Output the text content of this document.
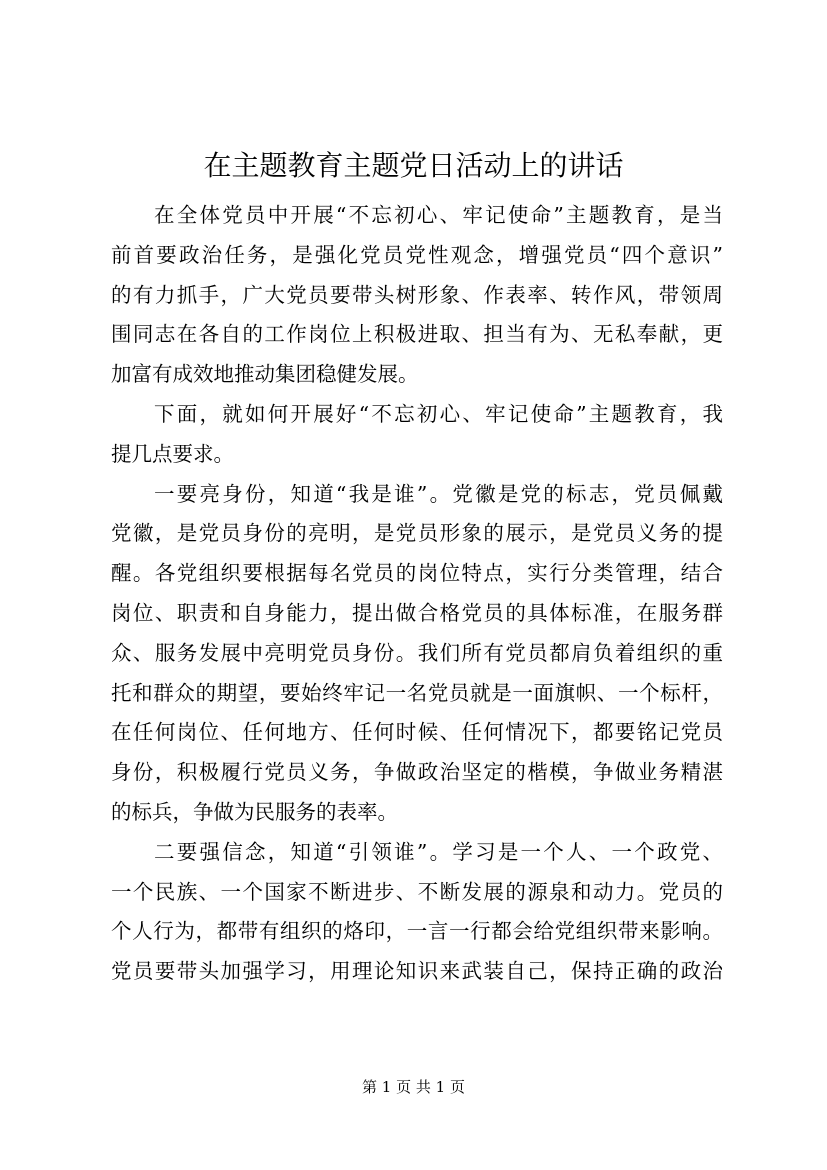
在主题教育主题党日活动上的讲话
在全体党员中开展“不忘初心、牢记使命”主题教育，是当
前首要政治任务，是强化党员党性观念，增强党员“四个意识”
的有力抓手，广大党员要带头树形象、作表率、转作风，带领周
围同志在各自的工作岗位上积极进取、担当有为、无私奉献，更
加富有成效地推动集团稳健发展。
下面，就如何开展好“不忘初心、牢记使命”主题教育，我
提几点要求。
一要亮身份，知道“我是谁”。党徽是党的标志，党员佩戴
党徽，是党员身份的亮明，是党员形象的展示，是党员义务的提
醒。各党组织要根据每名党员的岗位特点，实行分类管理，结合
岗位、职责和自身能力，提出做合格党员的具体标准，在服务群
众、服务发展中亮明党员身份。我们所有党员都肩负着组织的重
托和群众的期望，要始终牢记一名党员就是一面旗帜、一个标杆，
在任何岗位、任何地方、任何时候、任何情况下，都要铭记党员
身份，积极履行党员义务，争做政治坚定的楷模，争做业务精湛
的标兵，争做为民服务的表率。
二要强信念，知道“引领谁”。学习是一个人、一个政党、
一个民族、一个国家不断进步、不断发展的源泉和动力。党员的
个人行为，都带有组织的烙印，一言一行都会给党组织带来影响。
党员要带头加强学习，用理论知识来武装自己，保持正确的政治
第 1 页 共 1 页
